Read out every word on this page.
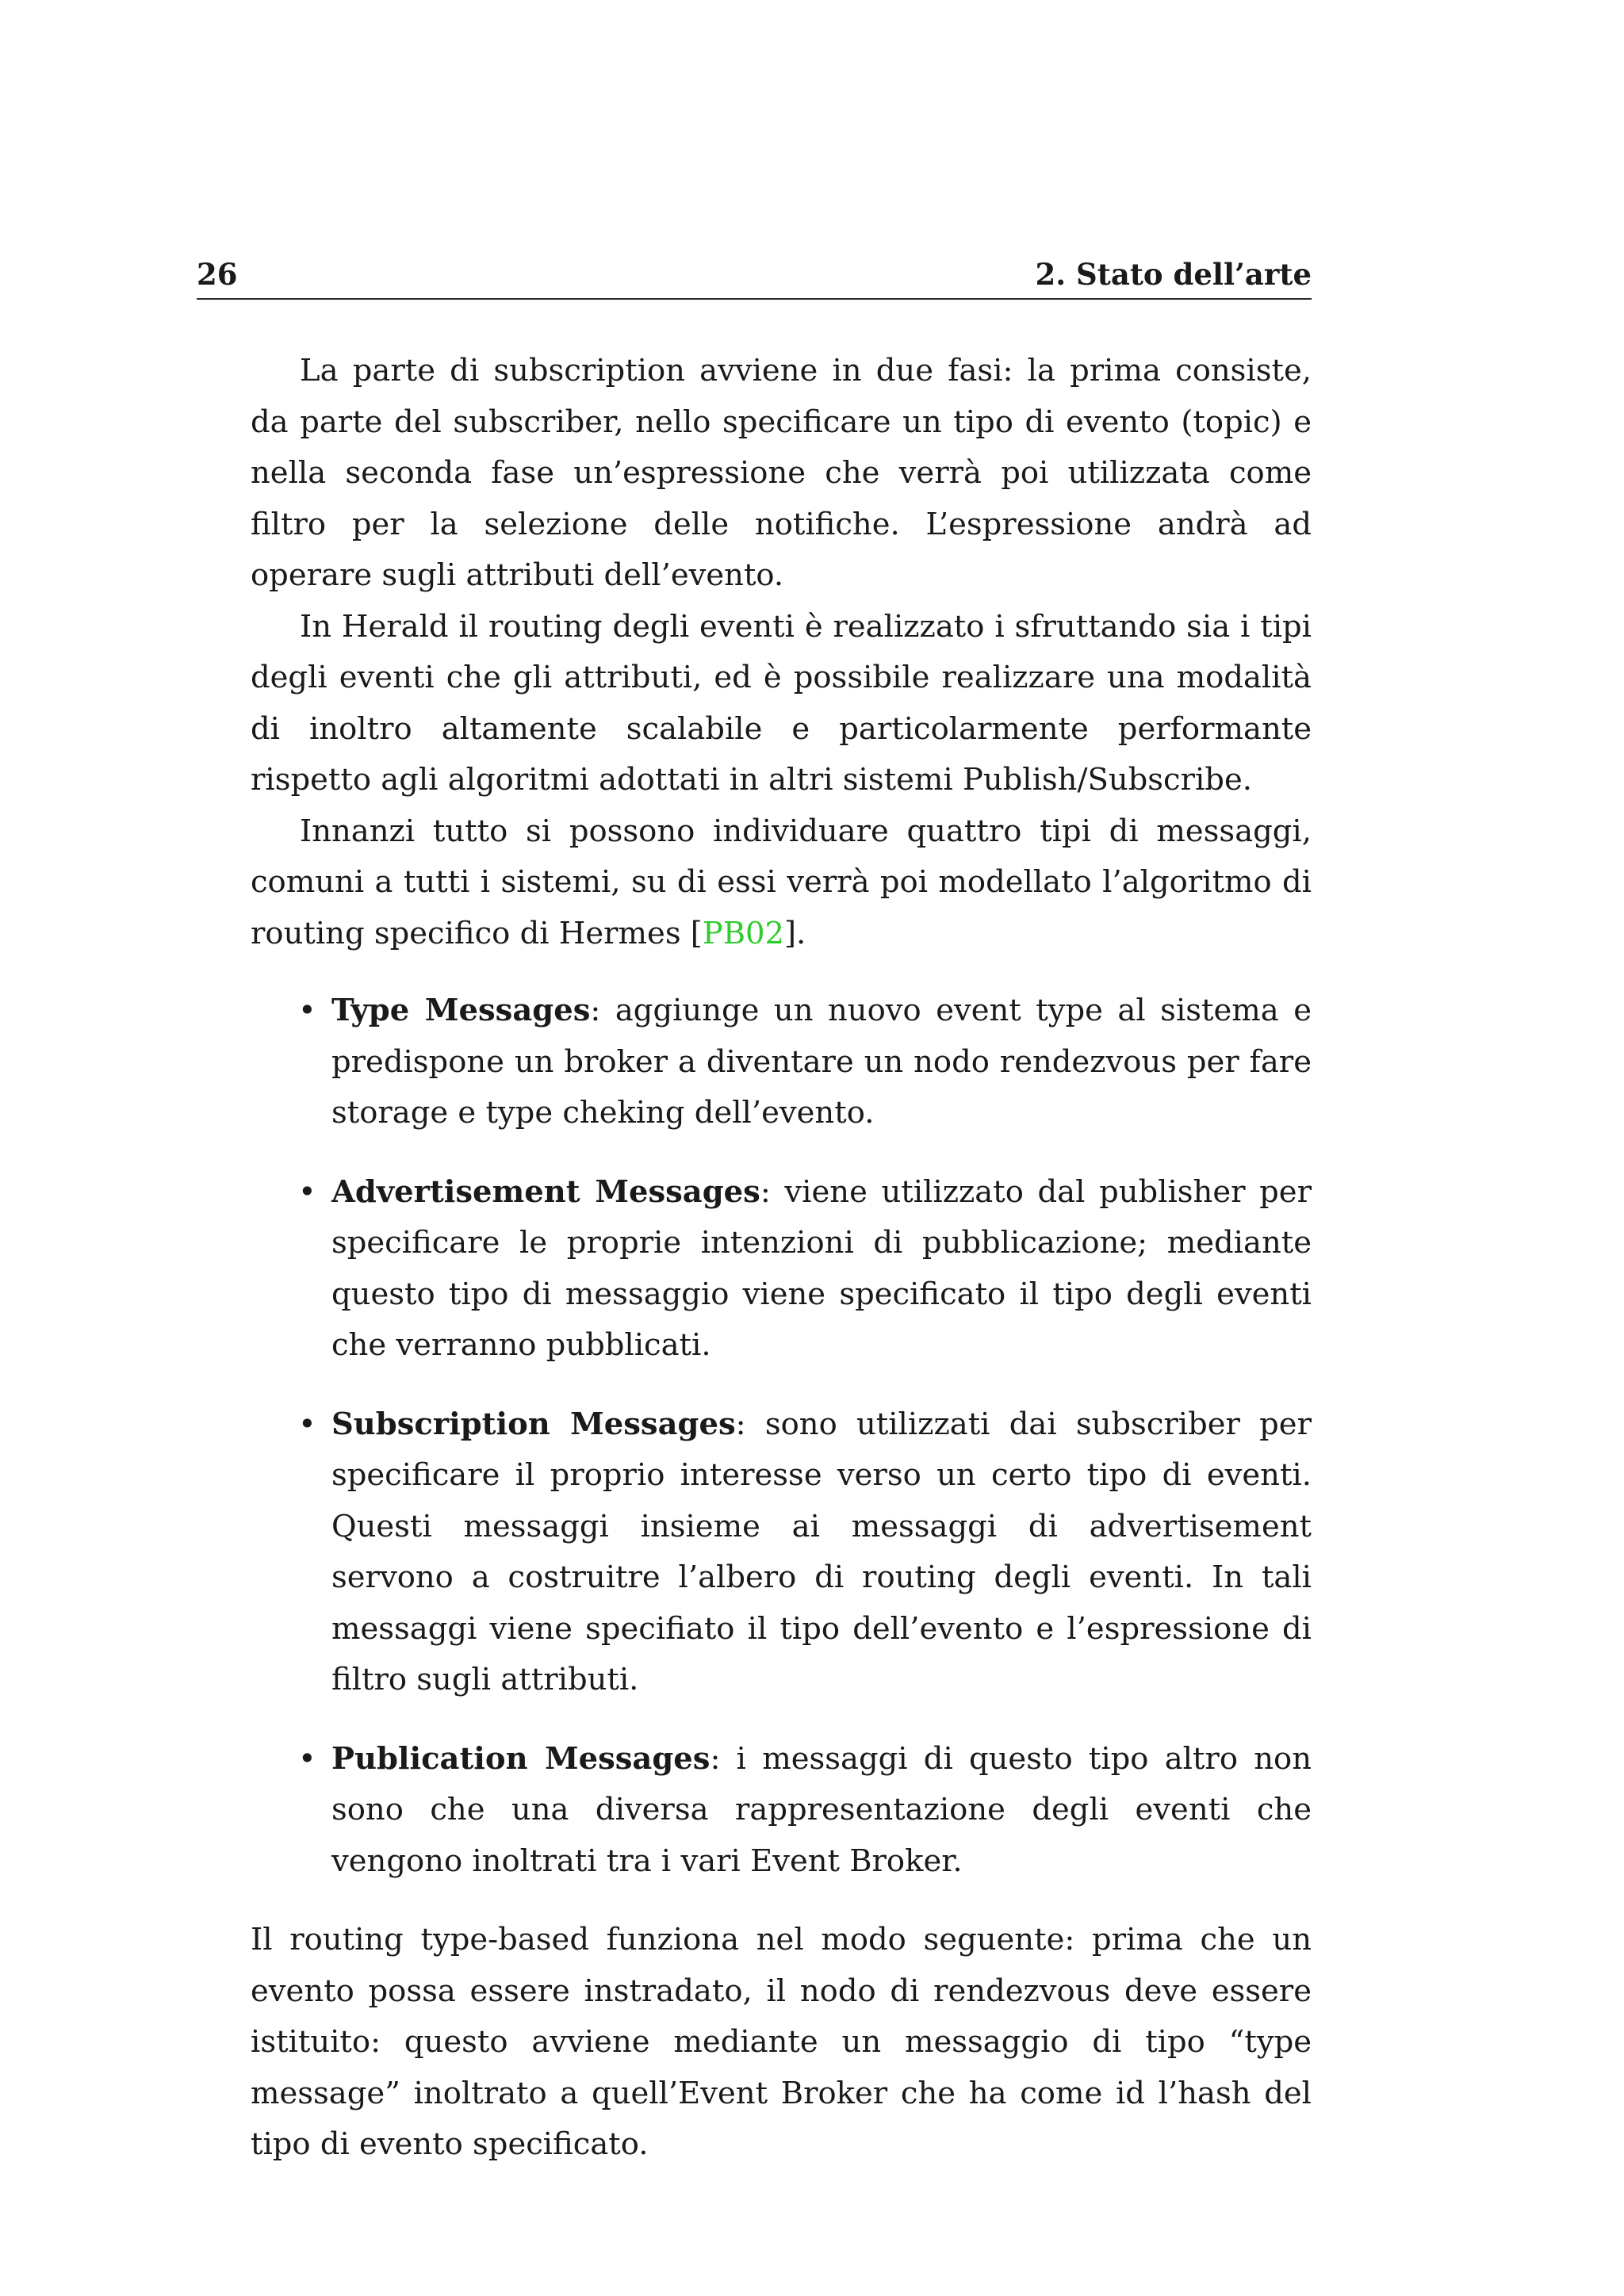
26	2. Stato dell’arte

La parte di subscription avviene in due fasi: la prima consiste, da parte del subscriber, nello specificare un tipo di evento (topic) e nella seconda fase un’espressione che verrà poi utilizzata come filtro per la selezione delle notifiche. L’espressione andrà ad operare sugli attributi dell’evento.

In Herald il routing degli eventi è realizzato i sfruttando sia i tipi degli eventi che gli attributi, ed è possibile realizzare una modalità di inoltro altamente scalabile e particolarmente performante rispetto agli algoritmi adottati in altri sistemi Publish/Subscribe.

Innanzi tutto si possono individuare quattro tipi di messaggi, comuni a tutti i sistemi, su di essi verrà poi modellato l’algoritmo di routing specifico di Hermes [PB02].

• Type Messages: aggiunge un nuovo event type al sistema e predispone un broker a diventare un nodo rendezvous per fare storage e type cheking dell’evento.
• Advertisement Messages: viene utilizzato dal publisher per specificare le proprie intenzioni di pubblicazione; mediante questo tipo di messaggio viene specificato il tipo degli eventi che verranno pubblicati.
• Subscription Messages: sono utilizzati dai subscriber per specificare il proprio interesse verso un certo tipo di eventi. Questi messaggi insieme ai messaggi di advertisement servono a costruitre l’albero di routing degli eventi. In tali messaggi viene specifiato il tipo dell’evento e l’espressione di filtro sugli attributi.
• Publication Messages: i messaggi di questo tipo altro non sono che una diversa rappresentazione degli eventi che vengono inoltrati tra i vari Event Broker.

Il routing type-based funziona nel modo seguente: prima che un evento possa essere instradato, il nodo di rendezvous deve essere istituito: questo avviene mediante un messaggio di tipo “type message” inoltrato a quell’Event Broker che ha come id l’hash del tipo di evento specificato.
